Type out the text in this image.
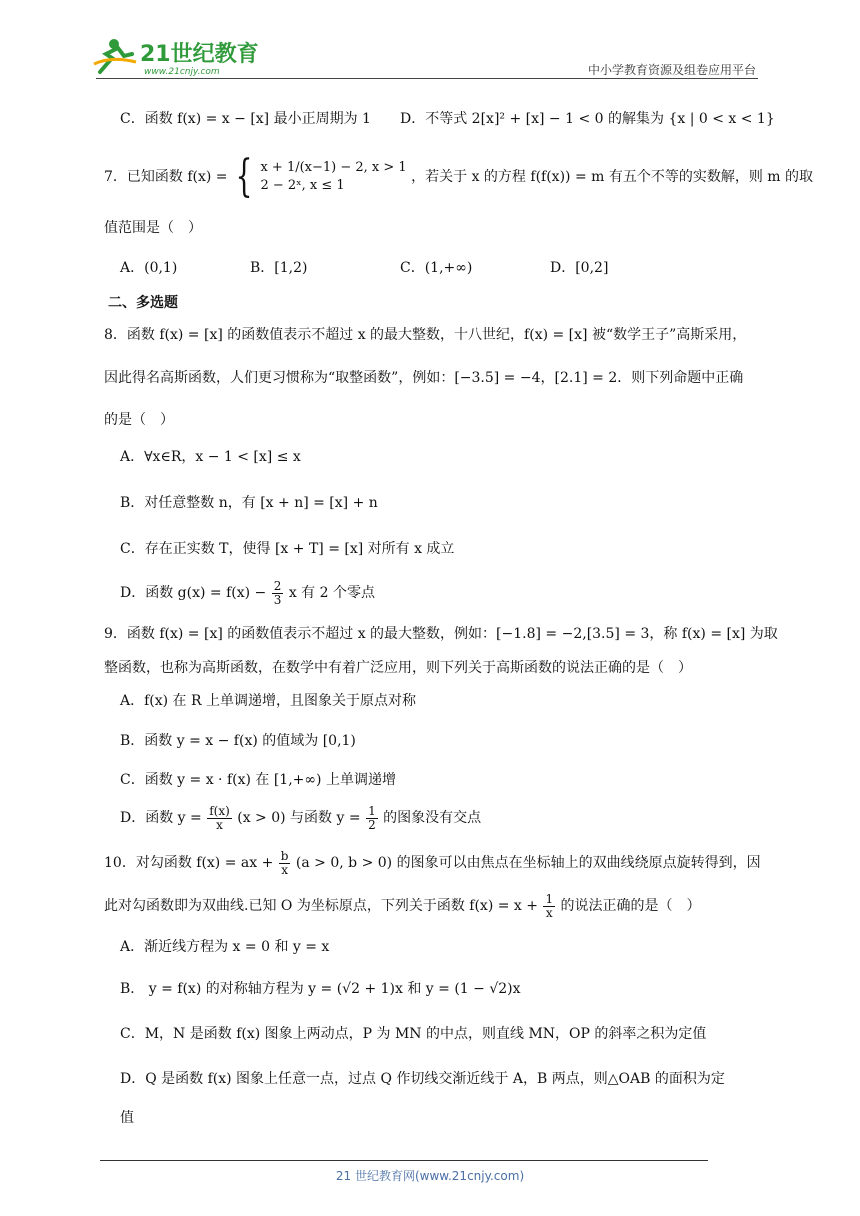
21世纪教育
www.21cnjy.com	中小学教育资源及组卷应用平台
C．函数 f(x) = x − [x] 最小正周期为 1 D．不等式 2[x]² + [x] − 1 < 0 的解集为 {x | 0 < x < 1}
7．已知函数 f(x) = { x + 1/(x−1) − 2, x > 1
2 − 2ˣ, x ≤ 1 ，若关于 x 的方程 f(f(x)) = m 有五个不等的实数解，则 m 的取
值范围是（　）
A．(0,1)	B．[1,2)	C．(1,+∞)	D．[0,2]
二、多选题
8．函数 f(x) = [x] 的函数值表示不超过 x 的最大整数，十八世纪，f(x) = [x] 被“数学王子”高斯采用，
因此得名高斯函数，人们更习惯称为“取整函数”，例如：[−3.5] = −4，[2.1] = 2．则下列命题中正确
的是（　）
A．∀x∈R，x − 1 < [x] ≤ x
B．对任意整数 n，有 [x + n] = [x] + n
C．存在正实数 T，使得 [x + T] = [x] 对所有 x 成立
D．函数 $g(x) = f(x) - \frac{2}{3}$ x 有 2 个零点
9．函数 f(x) = [x] 的函数值表示不超过 x 的最大整数，例如：[−1.8] = −2,[3.5] = 3，称 f(x) = [x] 为取
整函数，也称为高斯函数，在数学中有着广泛应用，则下列关于高斯函数的说法正确的是（　）
A．f(x) 在 R 上单调递增，且图象关于原点对称
B．函数 y = x − f(x) 的值域为 [0,1)
C．函数 y = x · f(x) 在 [1,+∞) 上单调递增
D．函数 $y = \frac{f(x)}{x} (x > 0)$ 与函数 $y = \frac{1}{2}$ 的图象没有交点
10．对勾函数 f(x) = ax + $\frac{b}{x} (a > 0$, b > 0) 的图象可以由焦点在坐标轴上的双曲线绕原点旋转得到，因
此对勾函数即为双曲线.已知 O 为坐标原点，下列关于函数 $f(x) = x + \frac{1}{x}$ 的说法正确的是（　）
A．渐近线方程为 x = 0 和 y = x
B． y = f(x) 的对称轴方程为 y = (√2 + 1)x 和 y = (1 − √2)x
C．M，N 是函数 f(x) 图象上两动点，P 为 MN 的中点，则直线 MN，OP 的斜率之积为定值
D．Q 是函数 f(x) 图象上任意一点，过点 Q 作切线交渐近线于 A，B 两点，则△OAB 的面积为定
值
21 世纪教育网(www.21cnjy.com)
